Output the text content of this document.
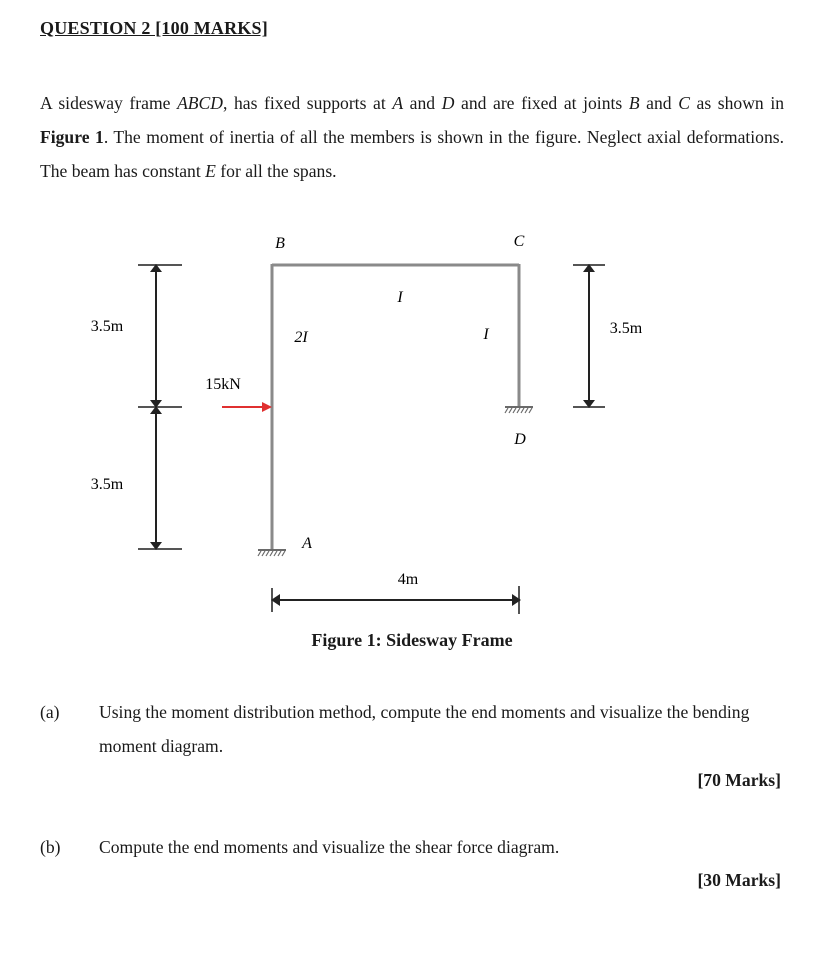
QUESTION 2 [100 MARKS]
A sidesway frame ABCD, has fixed supports at A and D and are fixed at joints B and C as shown in Figure 1. The moment of inertia of all the members is shown in the figure. Neglect axial deformations. The beam has constant E for all the spans.
B	C
A
D
I
2I	I
15kN
3.5m
3.5m
3.5m
4m
Figure 1: Sidesway Frame
(a) Using the moment distribution method, compute the end moments and visualize the bending moment diagram.
[70 Marks]
(b) Compute the end moments and visualize the shear force diagram.
[30 Marks]
